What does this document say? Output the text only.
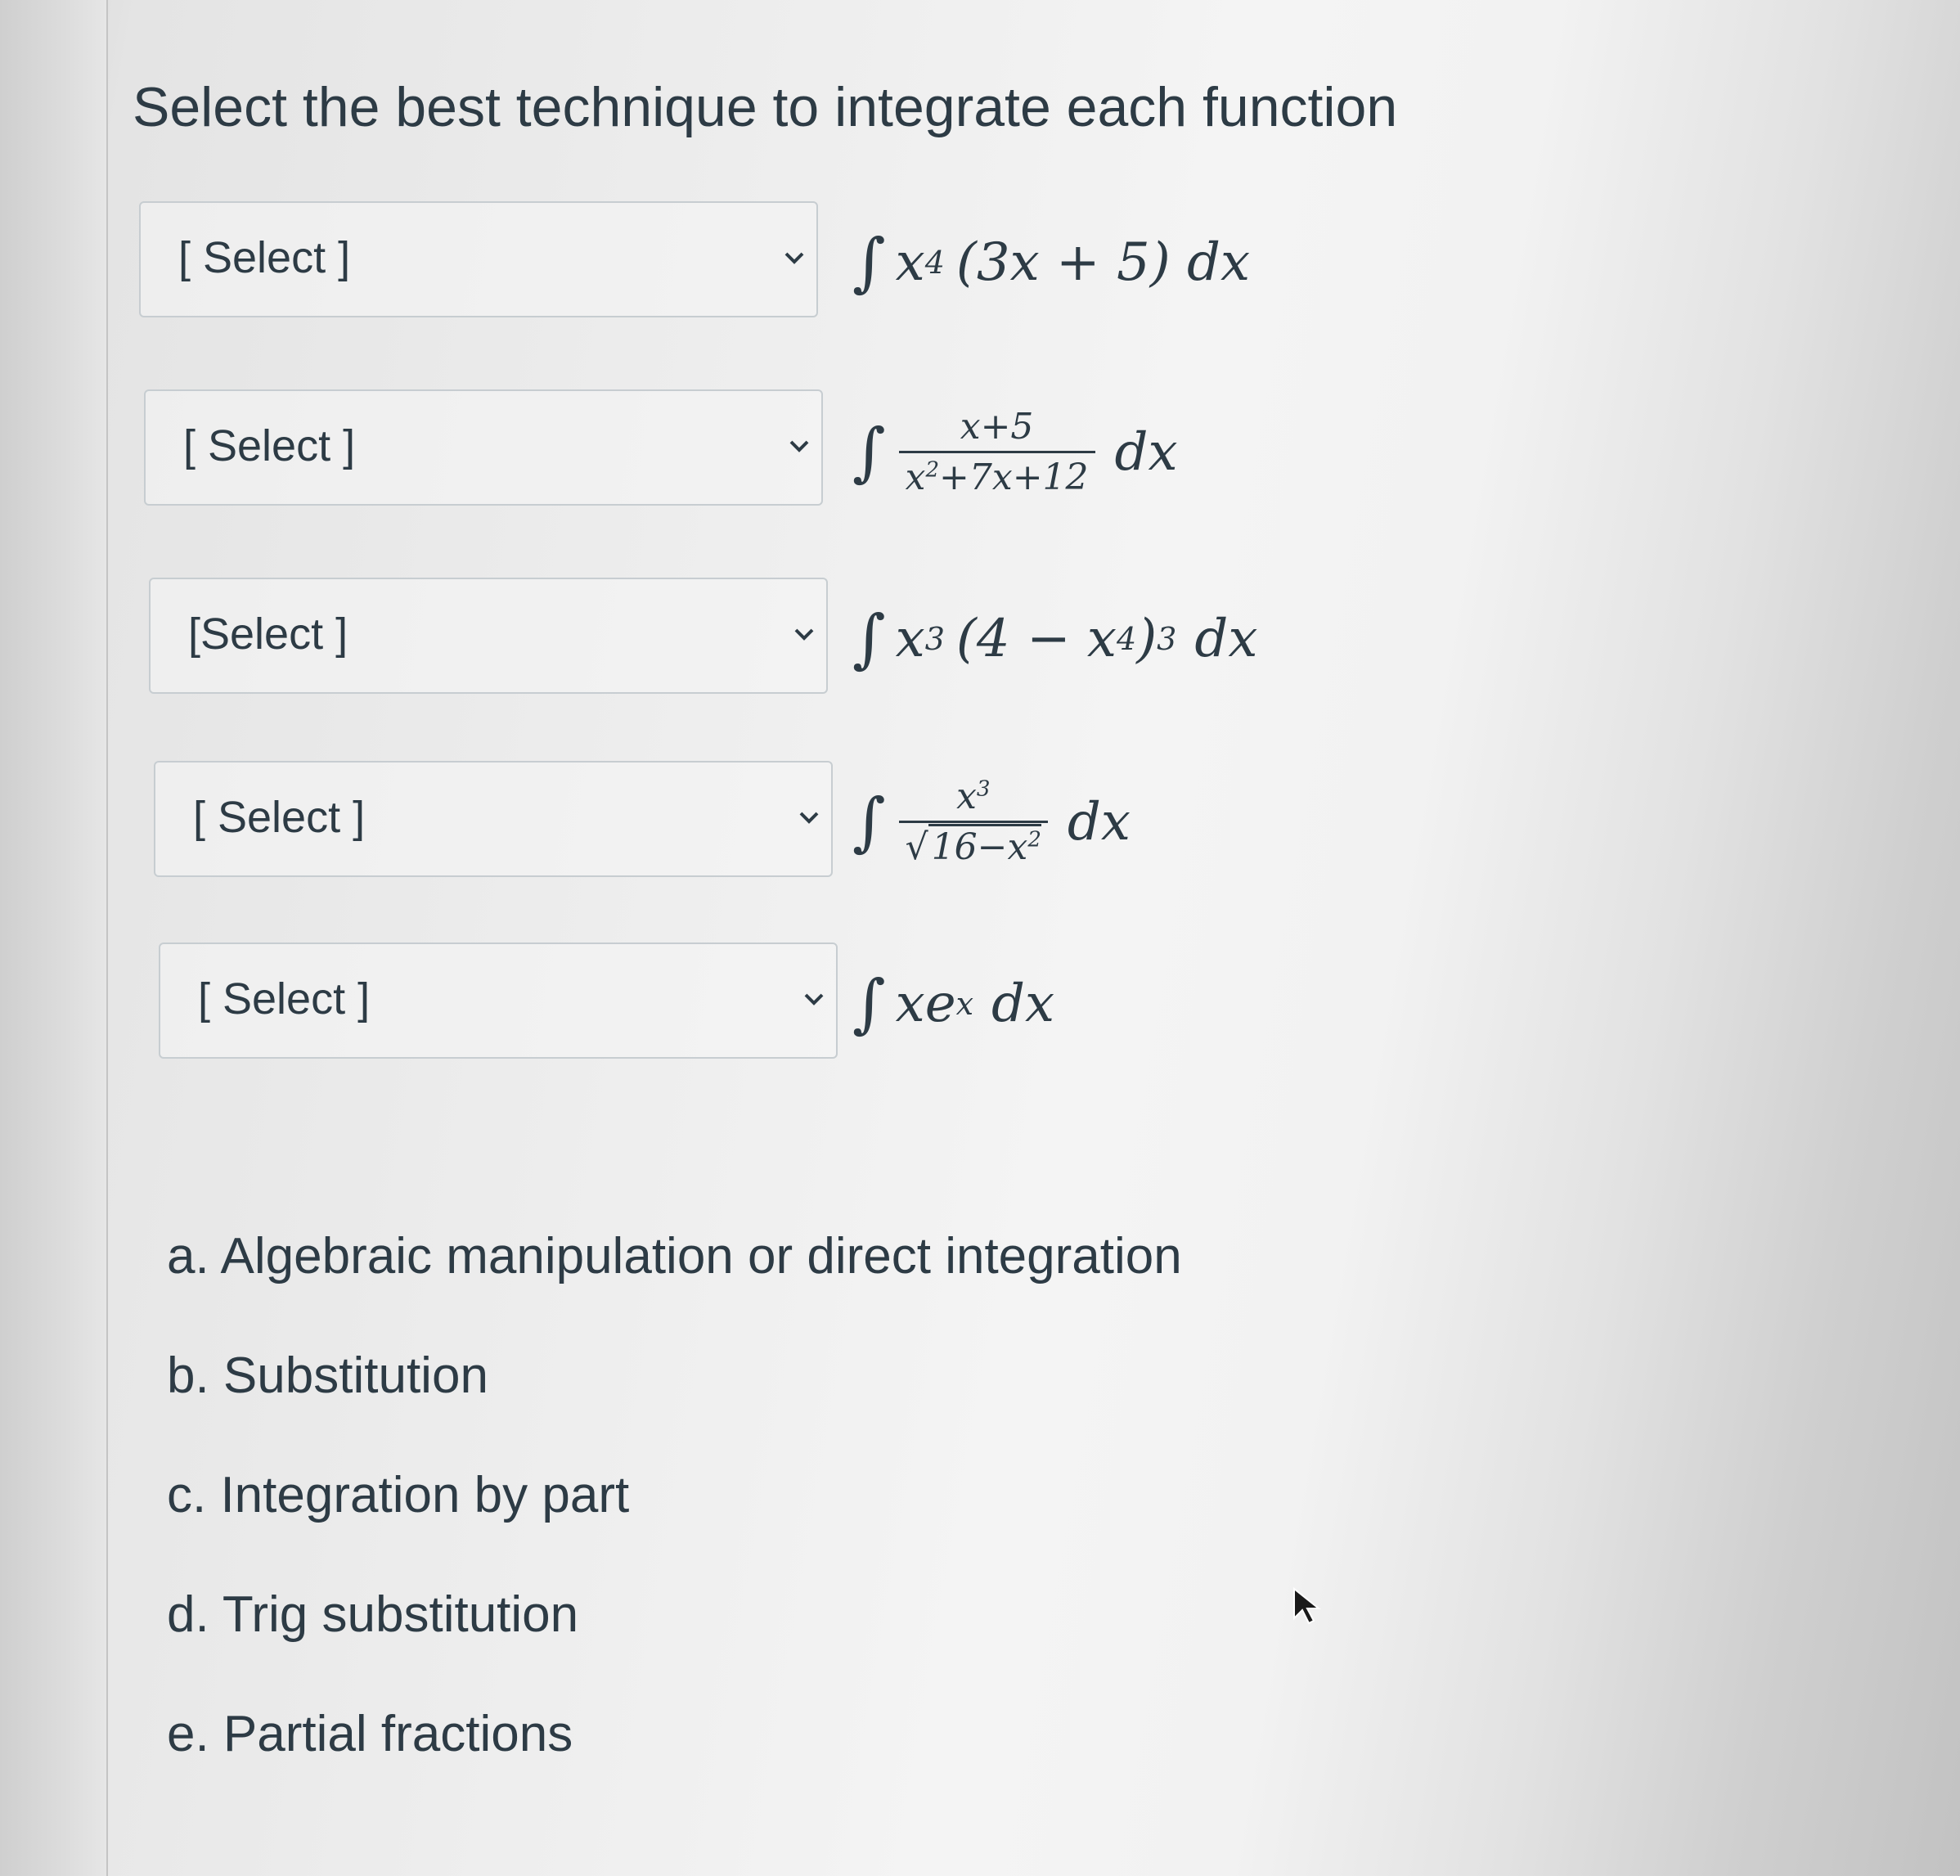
Select the best technique to integrate each function
[ Select ]	∫ x 4 (3x + 5) dx
[ Select ]	∫ $\frac{x+5}{x^2+7x+12}$ dx
[Select ]	∫ x 3 (4 − x 4 ) 3 dx
[ Select ]	∫ $\frac{x^3}{√16-x^2}$ dx
[ Select ]	∫ xe x dx
a. Algebraic manipulation or direct integration
b. Substitution
c. Integration by part
d. Trig substitution
e. Partial fractions
